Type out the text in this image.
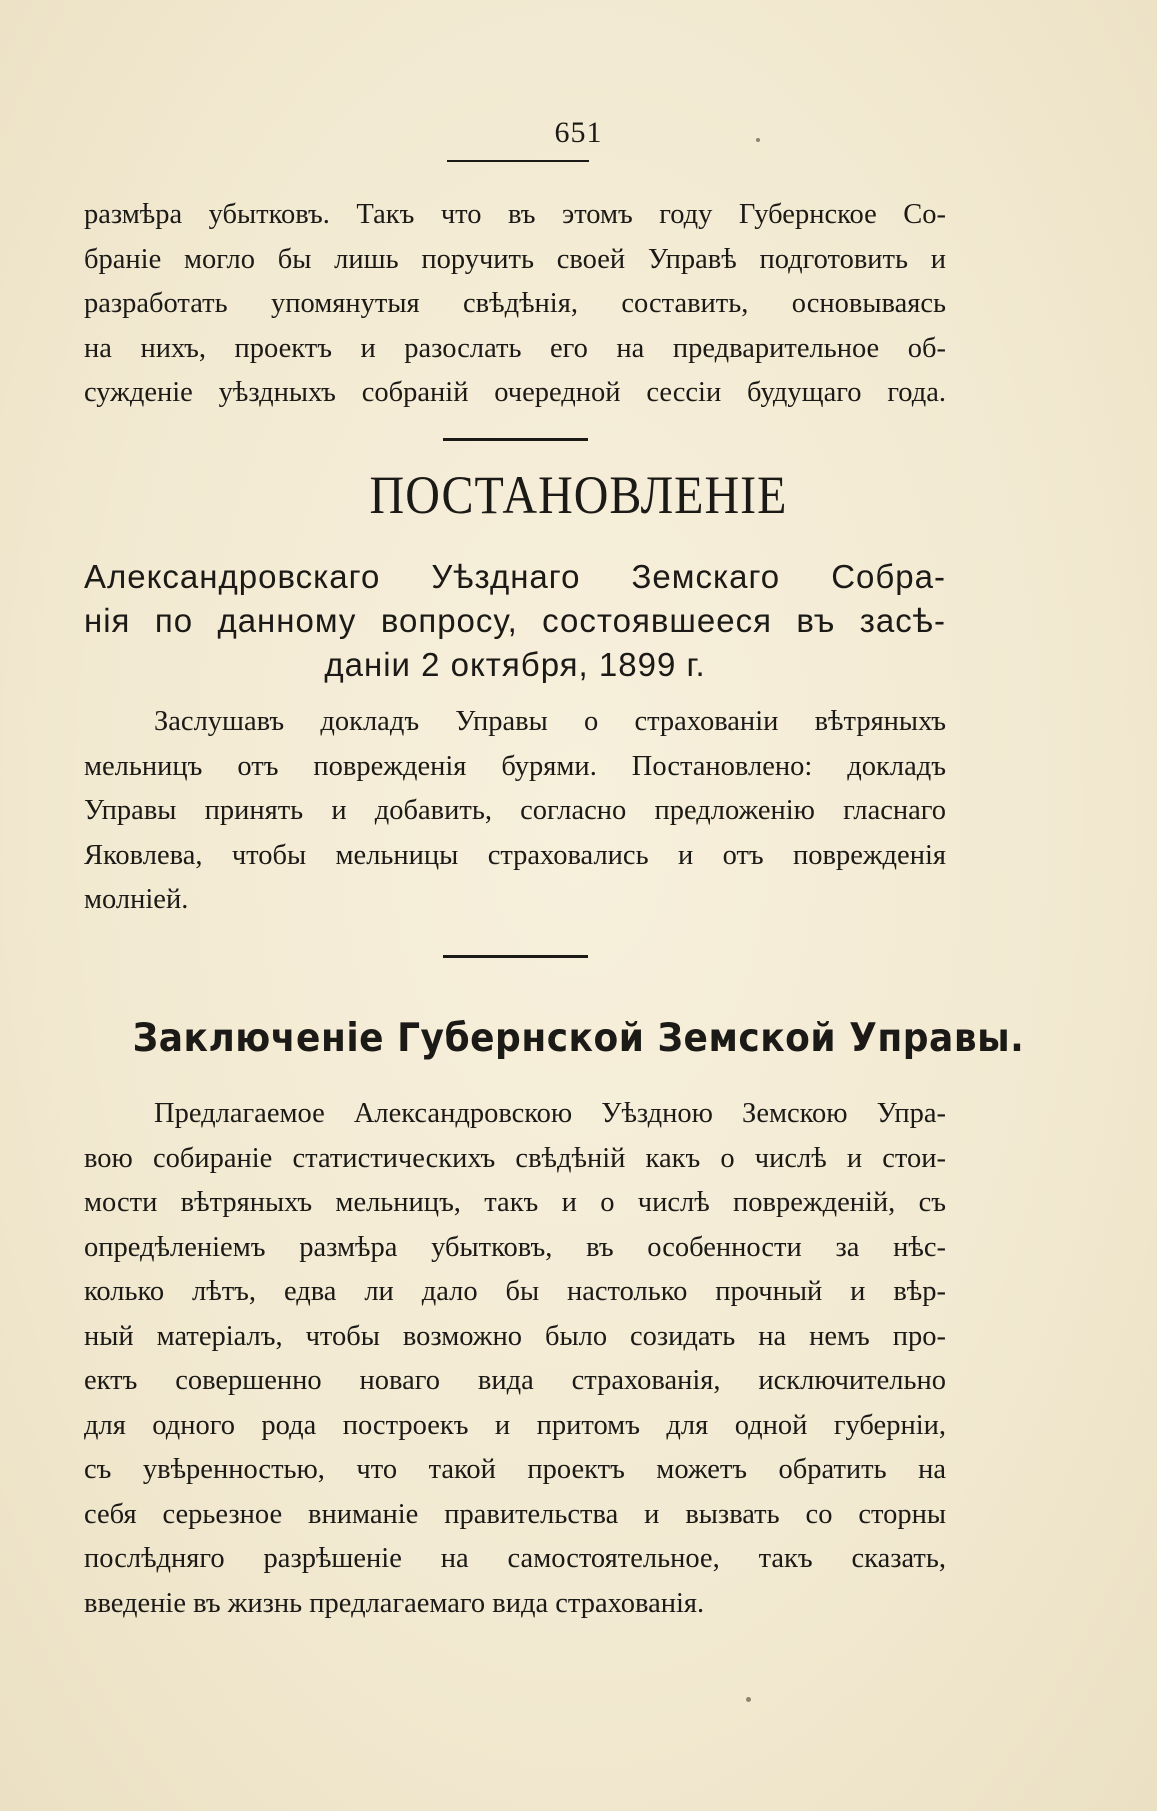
651
размѣра убытковъ. Такъ что въ этомъ году Губернское Со-
браніе могло бы лишь поручить своей Управѣ подготовить и
разработать упомянутыя свѣдѣнія, составить, основываясь
на нихъ, проектъ и разослать его на предварительное об-
сужденіе уѣздныхъ собраній очередной сессіи будущаго года.
ПОСТАНОВЛЕНІЕ
Александровскаго Уѣзднаго Земскаго Собра-
нія по данному вопросу, состоявшееся въ засѣ-
даніи 2 октября, 1899 г.
Заслушавъ докладъ Управы о страхованіи вѣтряныхъ
мельницъ отъ поврежденія бурями. Постановлено: докладъ
Управы принять и добавить, согласно предложенію гласнаго
Яковлева, чтобы мельницы страховались и отъ поврежденія
молніей.
Заключеніе Губернской Земской Управы.
Предлагаемое Александровскою Уѣздною Земскою Упра-
вою собираніе статистическихъ свѣдѣній какъ о числѣ и стои-
мости вѣтряныхъ мельницъ, такъ и о числѣ поврежденій, съ
опредѣленіемъ размѣра убытковъ, въ особенности за нѣс-
колько лѣтъ, едва ли дало бы настолько прочный и вѣр-
ный матеріалъ, чтобы возможно было созидать на немъ про-
ектъ совершенно новаго вида страхованія, исключительно
для одного рода построекъ и притомъ для одной губерніи,
съ увѣренностью, что такой проектъ можетъ обратить на
себя серьезное вниманіе правительства и вызвать со сторны
послѣдняго разрѣшеніе на самостоятельное, такъ сказать,
введеніе въ жизнь предлагаемаго вида страхованія.
